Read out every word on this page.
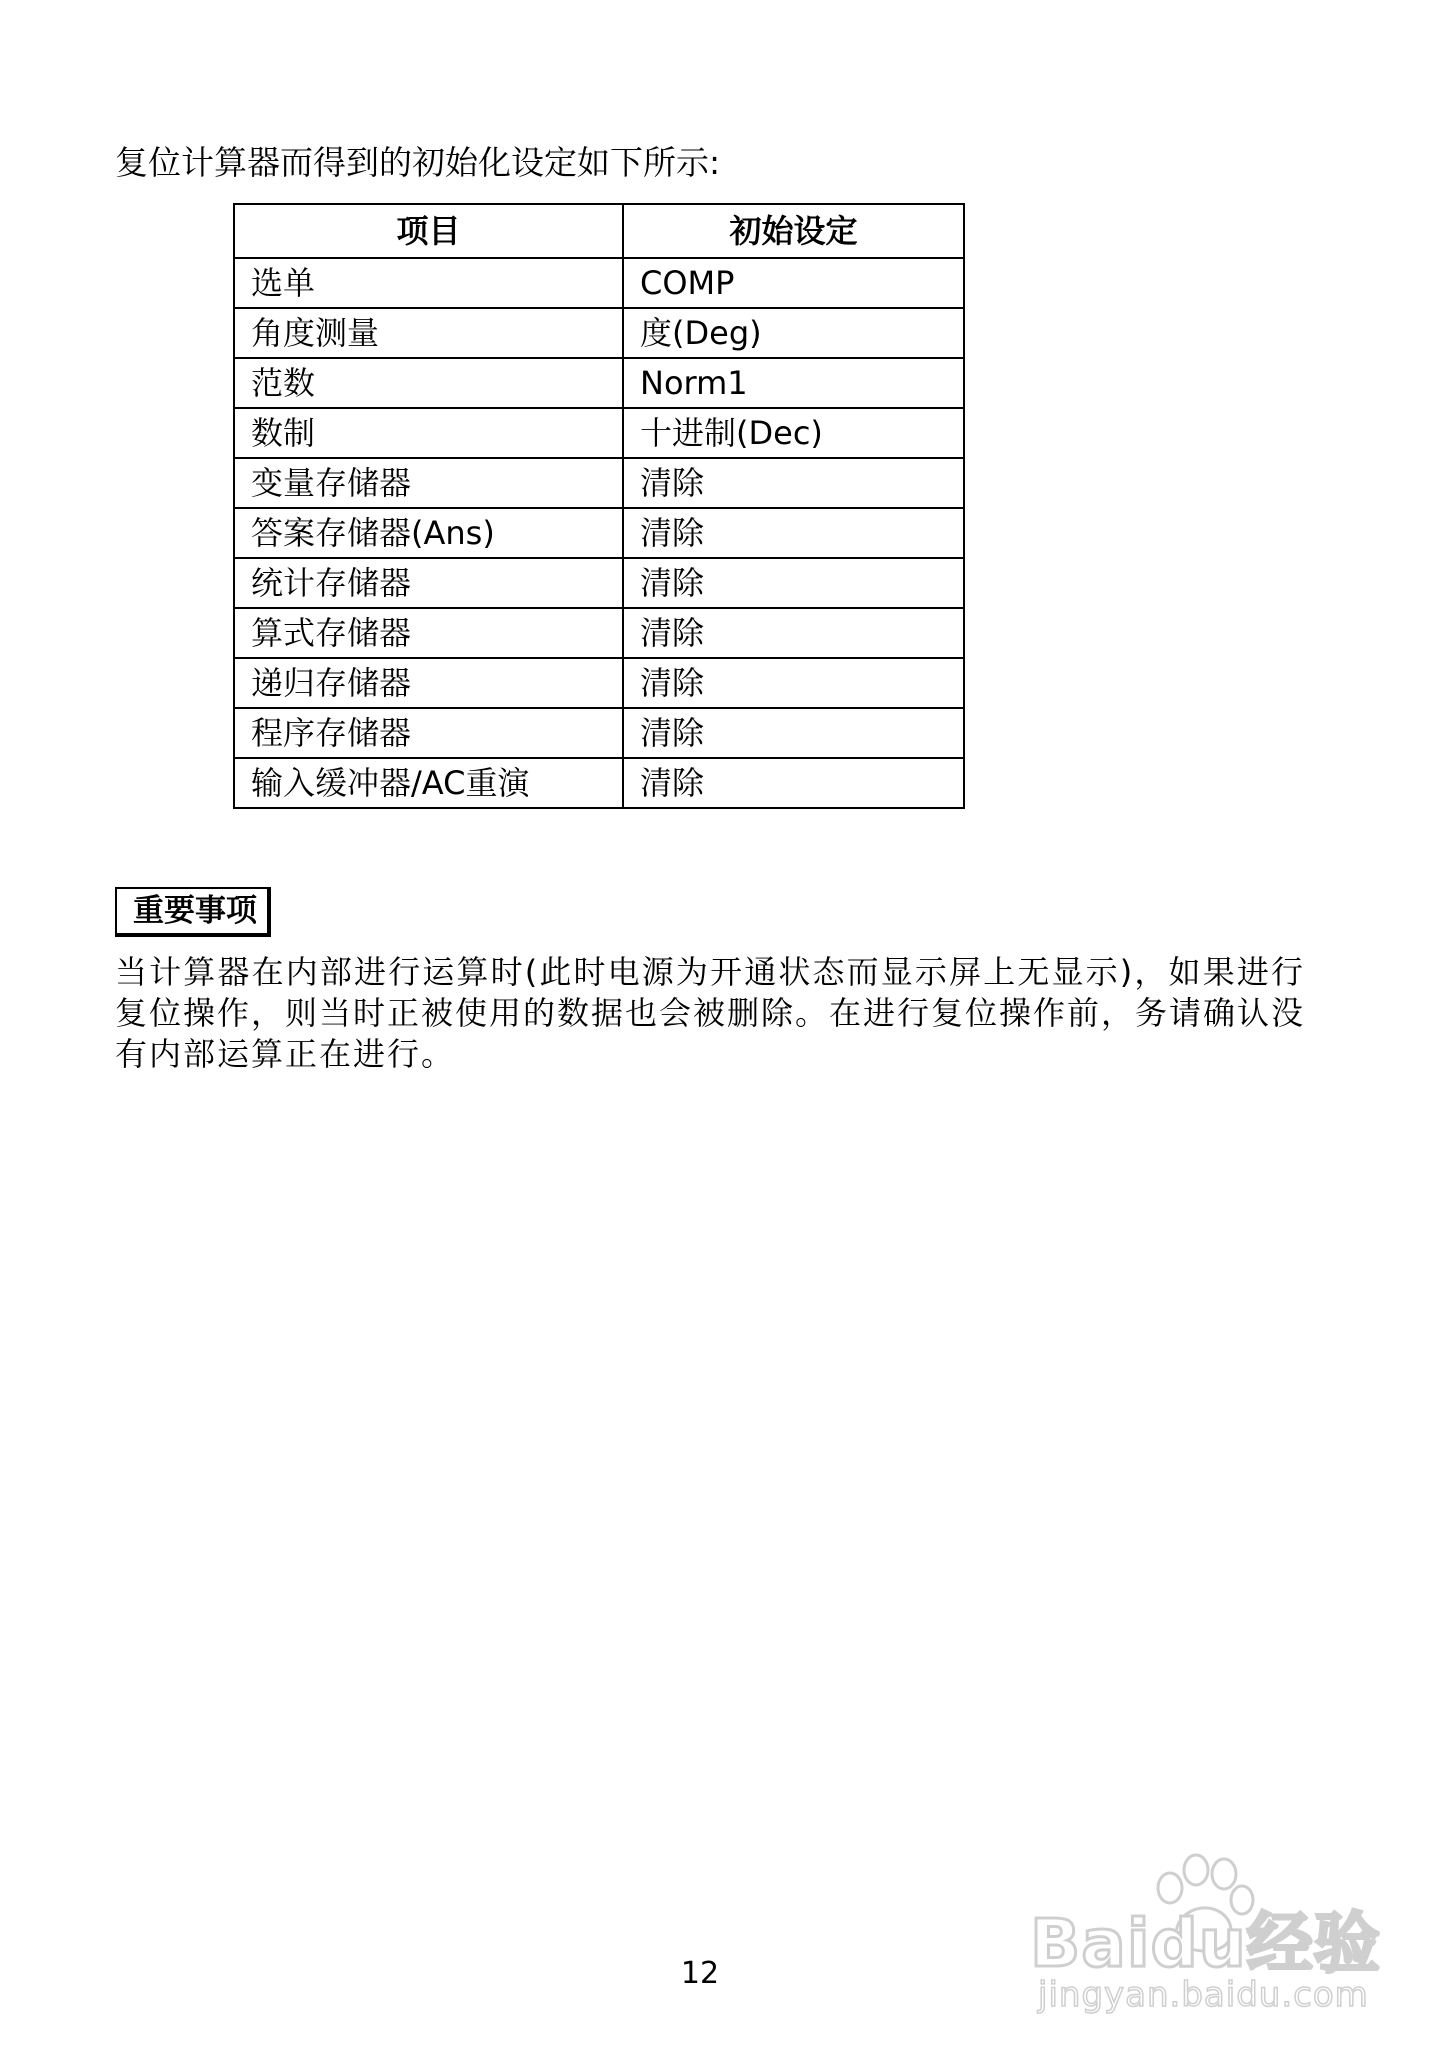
复位计算器而得到的初始化设定如下所示:
项目	初始设定
选单	COMP
角度测量	度(Deg)
范数	Norm1
数制	十进制(Dec)
变量存储器	清除
答案存储器(Ans)	清除
统计存储器	清除
算式存储器	清除
递归存储器	清除
程序存储器	清除
输入缓冲器/AC重演	清除
重要事项
当计算器在内部进行运算时(此时电源为开通状态而显示屏上无显示)，如果进行复位操作，则当时正被使用的数据也会被删除。在进行复位操作前，务请确认没有内部运算正在进行。
12	Baidu经验
jingyan.baidu.com
